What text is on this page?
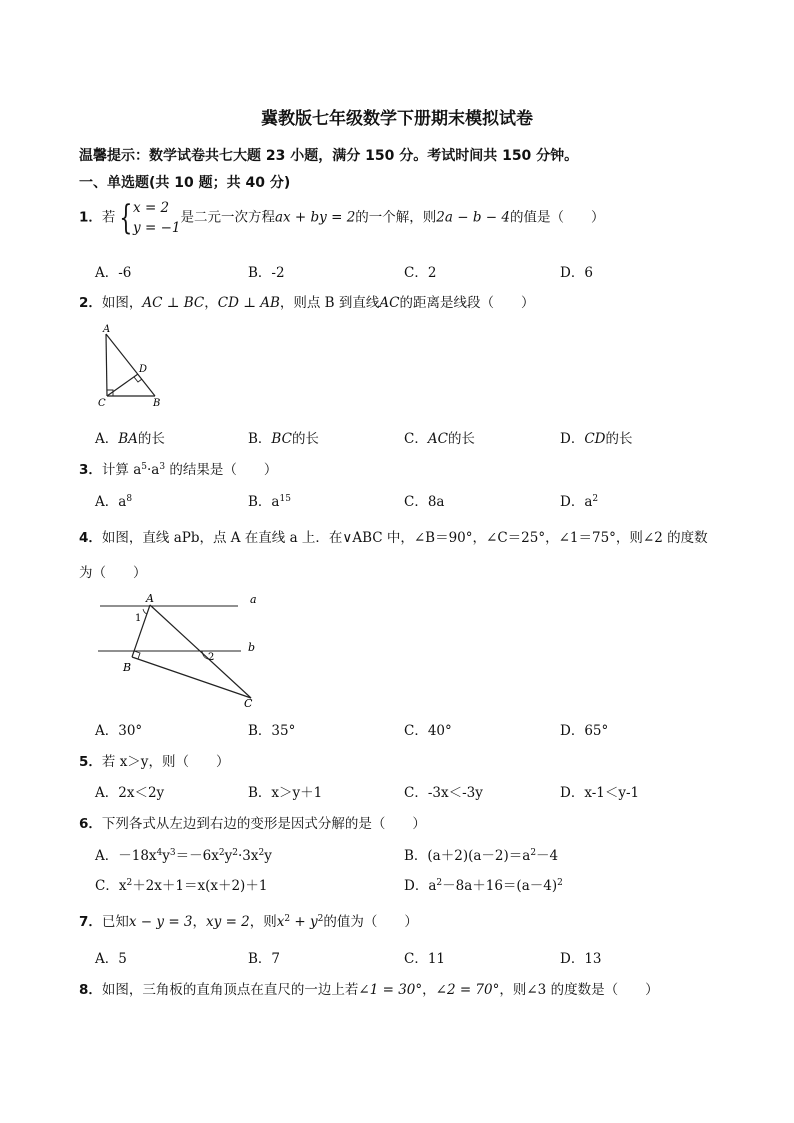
冀教版七年级数学下册期末模拟试卷
温馨提示：数学试卷共七大题 23 小题，满分 150 分。考试时间共 150 分钟。
一、单选题(共 10 题；共 40 分)
1．若 {x = 2
y = −1是二元一次方程ax + by = 2的一个解，则2a − b − 4的值是（　　）
A．-6	B．-2	C．2	D．6
2．如图，AC ⊥ BC，CD ⊥ AB，则点 B 到直线AC的距离是线段（　　）
A
D
C	B
A．BA的长	B．BC的长	C．AC的长	D．CD的长
3．计算 $a^5\cdot a^3$ 的结果是（　　）
A．$a^8$	B．$a^{15}$	C．8a	D．$a^2$
4．如图，直线 aPb，点 A 在直线 a 上．在∨ABC 中，∠B＝90°，∠C＝25°，∠1＝75°，则∠2 的度数
为（　　）
A	a
1
b
2
B
C
A．30°	B．35°	C．40°	D．65°
5．若 x＞y，则（　　）
A．2x＜2y	B．x＞y＋1	C．-3x＜-3y	D．x-1＜y-1
6．下列各式从左边到右边的变形是因式分解的是（　　）
A．$-18x^4y^3=-6x^2y^2\cdot 3x^2y$	B．$(a+2)(a-2)=a^2-4$
C．$x^2+2x+1=x(x+2)+1$	D．$a^2-8a+16=(a-4)^2$
7．已知x − y = 3，xy = 2，则$x^2 + y^2$的值为（　　）
A．5	B．7	C．11	D．13
8．如图，三角板的直角顶点在直尺的一边上若∠1 = 30°，∠2 = 70°，则∠3 的度数是（　　）
